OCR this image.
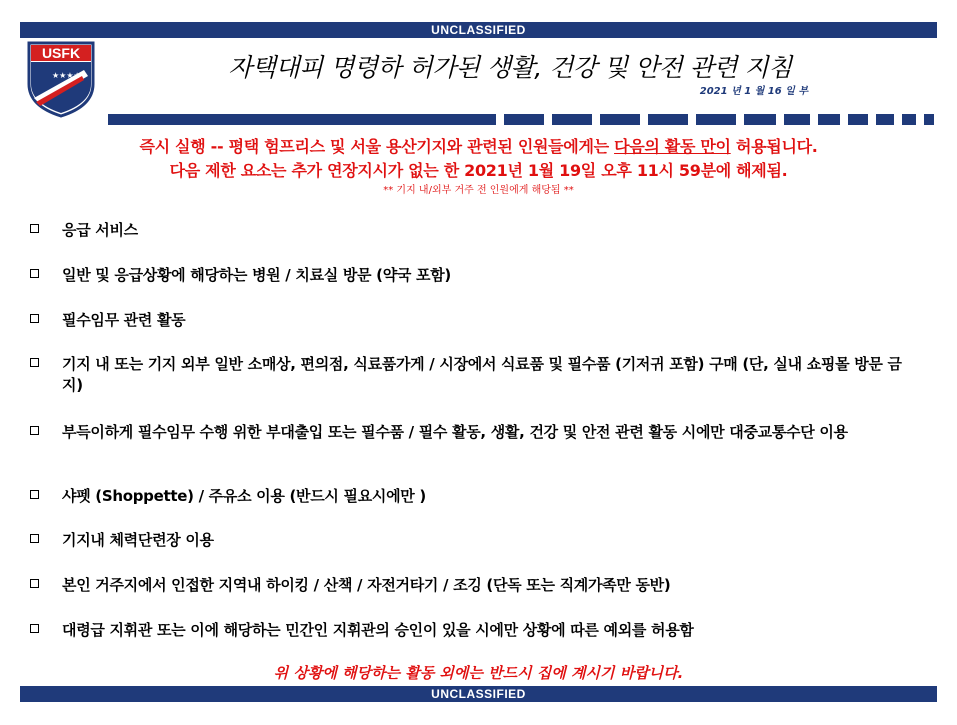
UNCLASSIFIED
USFK
★★★★	자택대피 명령하 허가된 생활, 건강 및 안전 관련 지침
2021 년 1 월 16 일 부
즉시 실행 -- 평택 험프리스 및 서울 용산기지와 관련된 인원들에게는 다음의 활동 만이 허용됩니다.
다음 제한 요소는 추가 연장지시가 없는 한 2021년 1월 19일 오후 11시 59분에 해제됨.
** 기지 내/외부 거주 전 인원에게 해당됨 **
응급 서비스
일반 및 응급상황에 해당하는 병원 / 치료실 방문 (약국 포함)
필수임무 관련 활동
기지 내 또는 기지 외부 일반 소매상, 편의점, 식료품가게 / 시장에서 식료품 및 필수품 (기저귀 포함) 구매 (단, 실내 쇼핑몰 방문 금지)
부득이하게 필수임무 수행 위한 부대출입 또는 필수품 / 필수 활동, 생활, 건강 및 안전 관련 활동 시에만 대중교통수단 이용
샤펫 (Shoppette) / 주유소 이용 (반드시 필요시에만 )
기지내 체력단련장 이용
본인 거주지에서 인접한 지역내 하이킹 / 산책 / 자전거타기 / 조깅 (단독 또는 직계가족만 동반)
대령급 지휘관 또는 이에 해당하는 민간인 지휘관의 승인이 있을 시에만 상황에 따른 예외를 허용함
위 상황에 해당하는 활동 외에는 반드시 집에 계시기 바랍니다.
UNCLASSIFIED
